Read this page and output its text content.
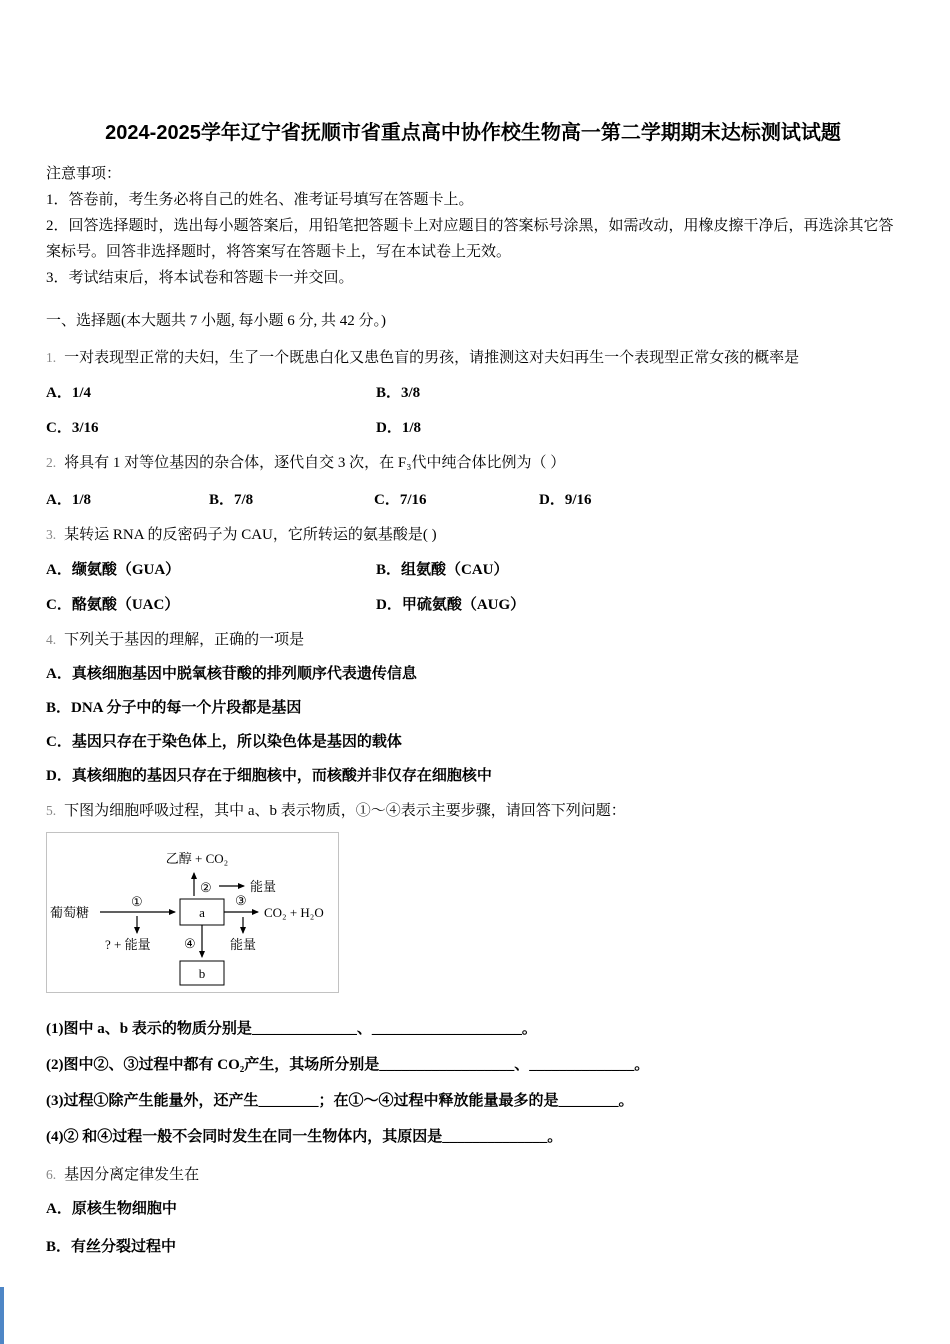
2024-2025学年辽宁省抚顺市省重点高中协作校生物高一第二学期期末达标测试试题
注意事项：

1．答卷前，考生务必将自己的姓名、准考证号填写在答题卡上。

2．回答选择题时，选出每小题答案后，用铅笔把答题卡上对应题目的答案标号涂黑，如需改动，用橡皮擦干净后，再选涂其它答案标号。回答非选择题时，将答案写在答题卡上，写在本试卷上无效。

3．考试结束后，将本试卷和答题卡一并交回。

一、选择题(本大题共 7 小题, 每小题 6 分, 共 42 分。)
1. 一对表现型正常的夫妇，生了一个既患白化又患色盲的男孩，请推测这对夫妇再生一个表现型正常女孩的概率是
A．1/4	B．3/8
C．3/16	D．1/8
2. 将具有 1 对等位基因的杂合体，逐代自交 3 次，在 F₃代中纯合体比例为（ ）
A．1/8	B．7/8	C．7/16	D．9/16
3. 某转运 RNA 的反密码子为 CAU，它所转运的氨基酸是( )
A．缬氨酸（GUA）	B．组氨酸（CAU）
C．酪氨酸（UAC）	D．甲硫氨酸（AUG）
4. 下列关于基因的理解，正确的一项是
A．真核细胞基因中脱氧核苷酸的排列顺序代表遗传信息
B．DNA 分子中的每一个片段都是基因
C．基因只存在于染色体上，所以染色体是基因的载体
D．真核细胞的基因只存在于细胞核中，而核酸并非仅存在细胞核中
5. 下图为细胞呼吸过程，其中 a、b 表示物质，①～④表示主要步骤，请回答下列问题：
乙醇 + CO₂
②	能量
葡萄糖
①
a
③
CO₂ + H₂O
? + 能量	④	能量
b
(1)图中 a、b 表示的物质分别是______________、____________________。
(2)图中②、③过程中都有 CO₂产生，其场所分别是__________________、______________。
(3)过程①除产生能量外，还产生________；在①～④过程中释放能量最多的是________。
(4)② 和④过程一般不会同时发生在同一生物体内，其原因是______________。
6. 基因分离定律发生在
A．原核生物细胞中
B．有丝分裂过程中
